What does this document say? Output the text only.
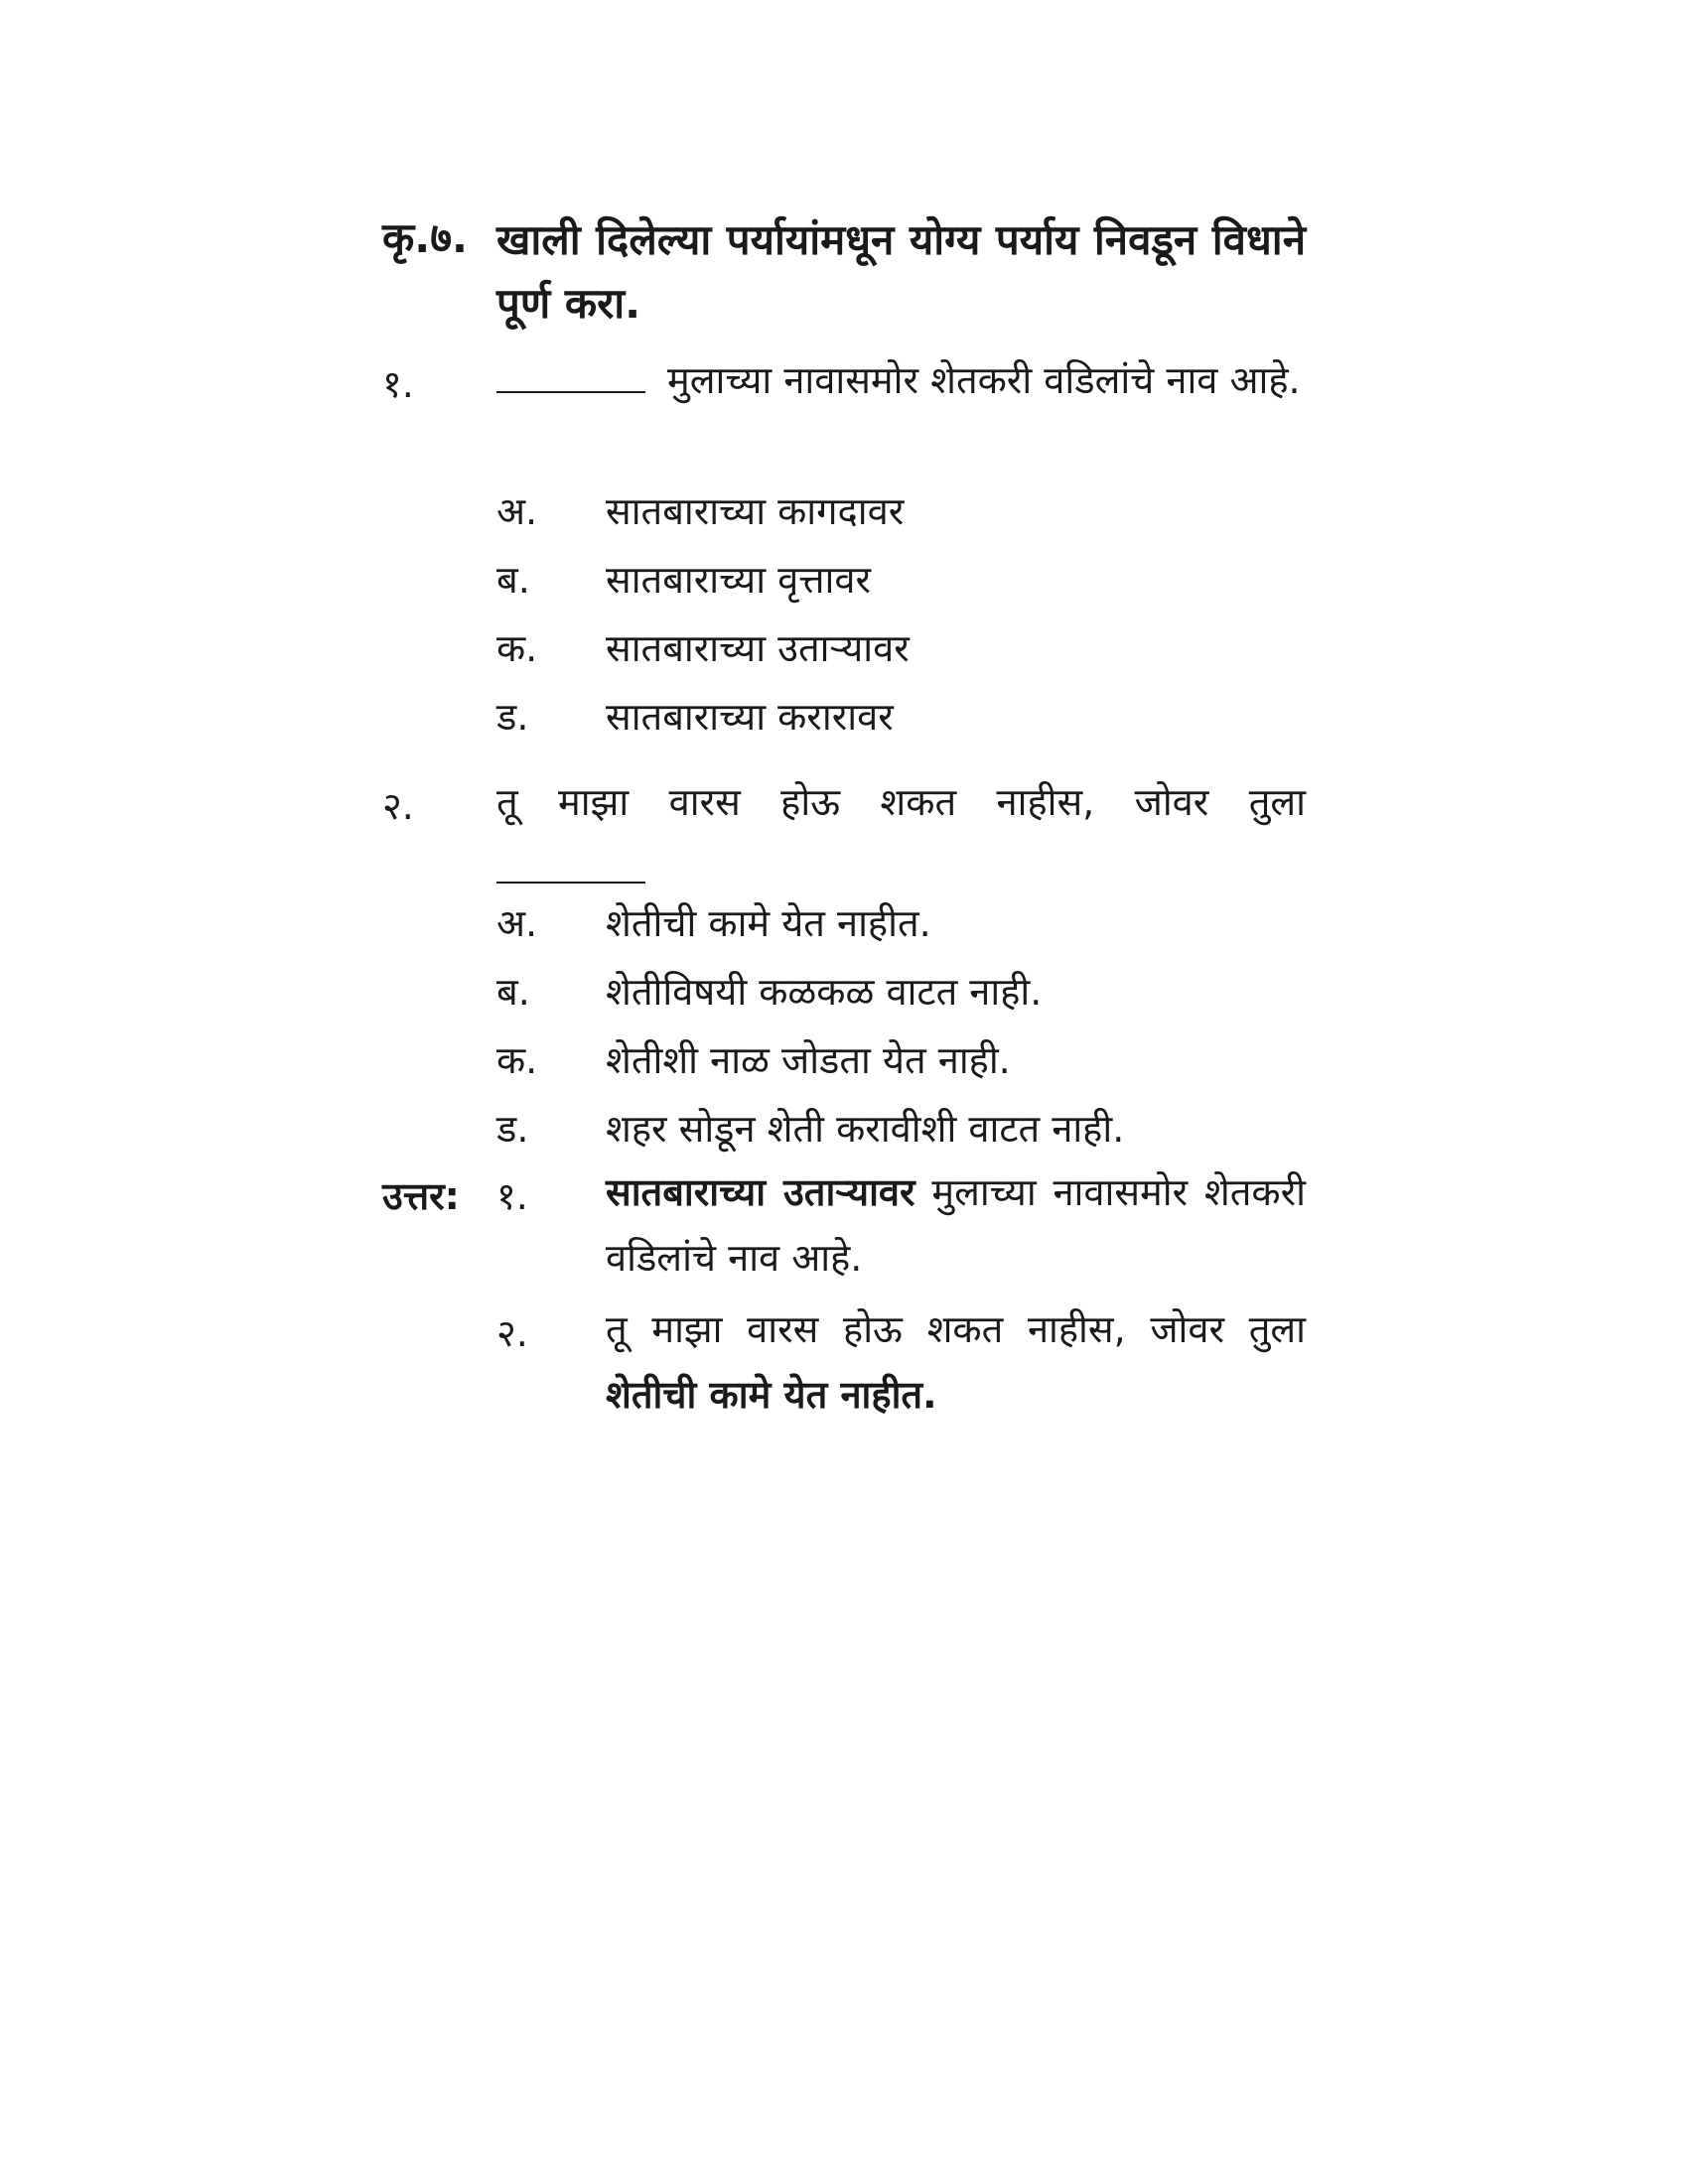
कृ.७. खाली दिलेल्या पर्यायांमधून योग्य पर्याय निवडून विधाने पूर्ण करा.
१.	मुलाच्या नावासमोर शेतकरी वडिलांचे नाव आहे.
अ. सातबाराच्या कागदावर
ब. सातबाराच्या वृत्तावर
क. सातबाराच्या उताऱ्यावर
ड. सातबाराच्या करारावर
२. तू माझा वारस होऊ शकत नाहीस, जोवर तुला
अ. शेतीची कामे येत नाहीत.
ब. शेतीविषयी कळकळ वाटत नाही.
क. शेतीशी नाळ जोडता येत नाही.
ड. शहर सोडून शेती करावीशी वाटत नाही.
उत्तर: १. सातबाराच्या उताऱ्यावर मुलाच्या नावासमोर शेतकरी वडिलांचे नाव आहे.
२. तू माझा वारस होऊ शकत नाहीस, जोवर तुला शेतीची कामे येत नाहीत.
